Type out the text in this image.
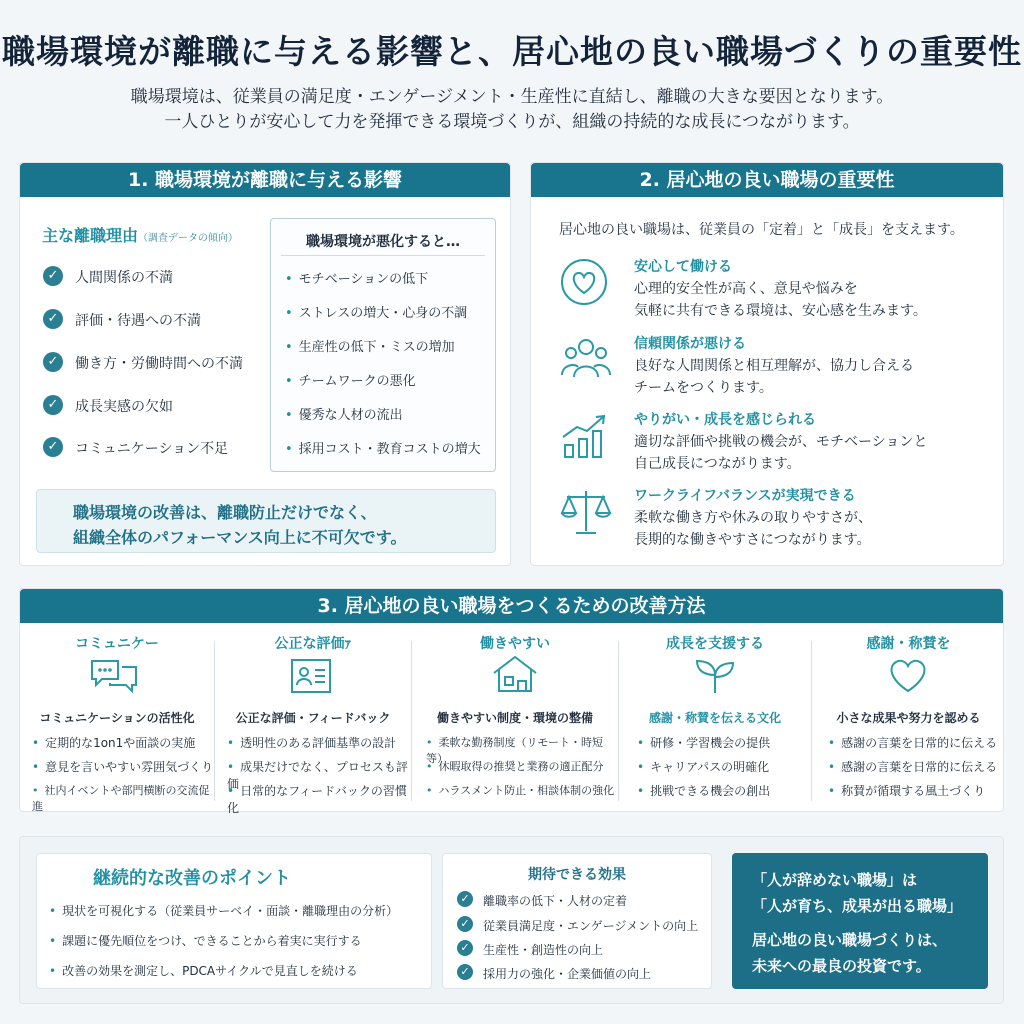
職場環境が離職に与える影響と、居心地の良い職場づくりの重要性
職場環境は、従業員の満足度・エンゲージメント・生産性に直結し、離職の大きな要因となります。
一人ひとりが安心して力を発揮できる環境づくりが、組織の持続的な成長につながります。
1. 職場環境が離職に与える影響
主な離職理由（調査データの傾向）
✓	人間関係の不満
✓	評価・待遇への不満
✓	働き方・労働時間への不満
✓	成長実感の欠如
✓	コミュニケーション不足
職場環境が悪化すると…
• モチベーションの低下
• ストレスの増大・心身の不調
• 生産性の低下・ミスの増加
• チームワークの悪化
• 優秀な人材の流出
• 採用コスト・教育コストの増大
職場環境の改善は、離職防止だけでなく、
組織全体のパフォーマンス向上に不可欠です。
2. 居心地の良い職場の重要性
居心地の良い職場は、従業員の「定着」と「成長」を支えます。
安心して働ける
心理的安全性が高く、意見や悩みを
気軽に共有できる環境は、安心感を生みます。
信頼関係が悪ける
良好な人間関係と相互理解が、協力し合える
チームをつくります。
やりがい・成長を感じられる
適切な評価や挑戦の機会が、モチベーションと
自己成長につながります。
ワークライフバランスが実現できる
柔軟な働き方や休みの取りやすさが、
長期的な働きやすさにつながります。
3. 居心地の良い職場をつくるための改善方法
コミュニケー
コミュニケーションの活性化
• 定期的な1on1や面談の実施
• 意見を言いやすい雰囲気づくり
• 社内イベントや部門横断の交流促進
公正な評価ｧ
公正な評価・フィードバック
• 透明性のある評価基準の設計
• 成果だけでなく、プロセスも評価
• 日常的なフィードバックの習慣化
働きやすい
働きやすい制度・環境の整備
• 柔軟な勤務制度（リモート・時短等）
• 休暇取得の推奨と業務の適正配分
• ハラスメント防止・相談体制の強化
成長を支援する
感謝・称賛を伝える文化
• 研修・学習機会の提供
• キャリアパスの明確化
• 挑戦できる機会の創出
感謝・称賛を
小さな成果や努力を認める
• 感謝の言葉を日常的に伝える
• 感謝の言葉を日常的に伝える
• 称賛が循環する風土づくり
継続的な改善のポイント
• 現状を可視化する（従業員サーベイ・面談・離職理由の分析）
• 課題に優先順位をつけ、できることから着実に実行する
• 改善の効果を測定し、PDCAサイクルで見直しを続ける
期待できる効果
✓ 離職率の低下・人材の定着
✓ 従業員満足度・エンゲージメントの向上
✓ 生産性・創造性の向上
✓ 採用力の強化・企業価値の向上
「人が辞めない職場」は
「人が育ち、成果が出る職場」
居心地の良い職場づくりは、
未来への最良の投資です。
